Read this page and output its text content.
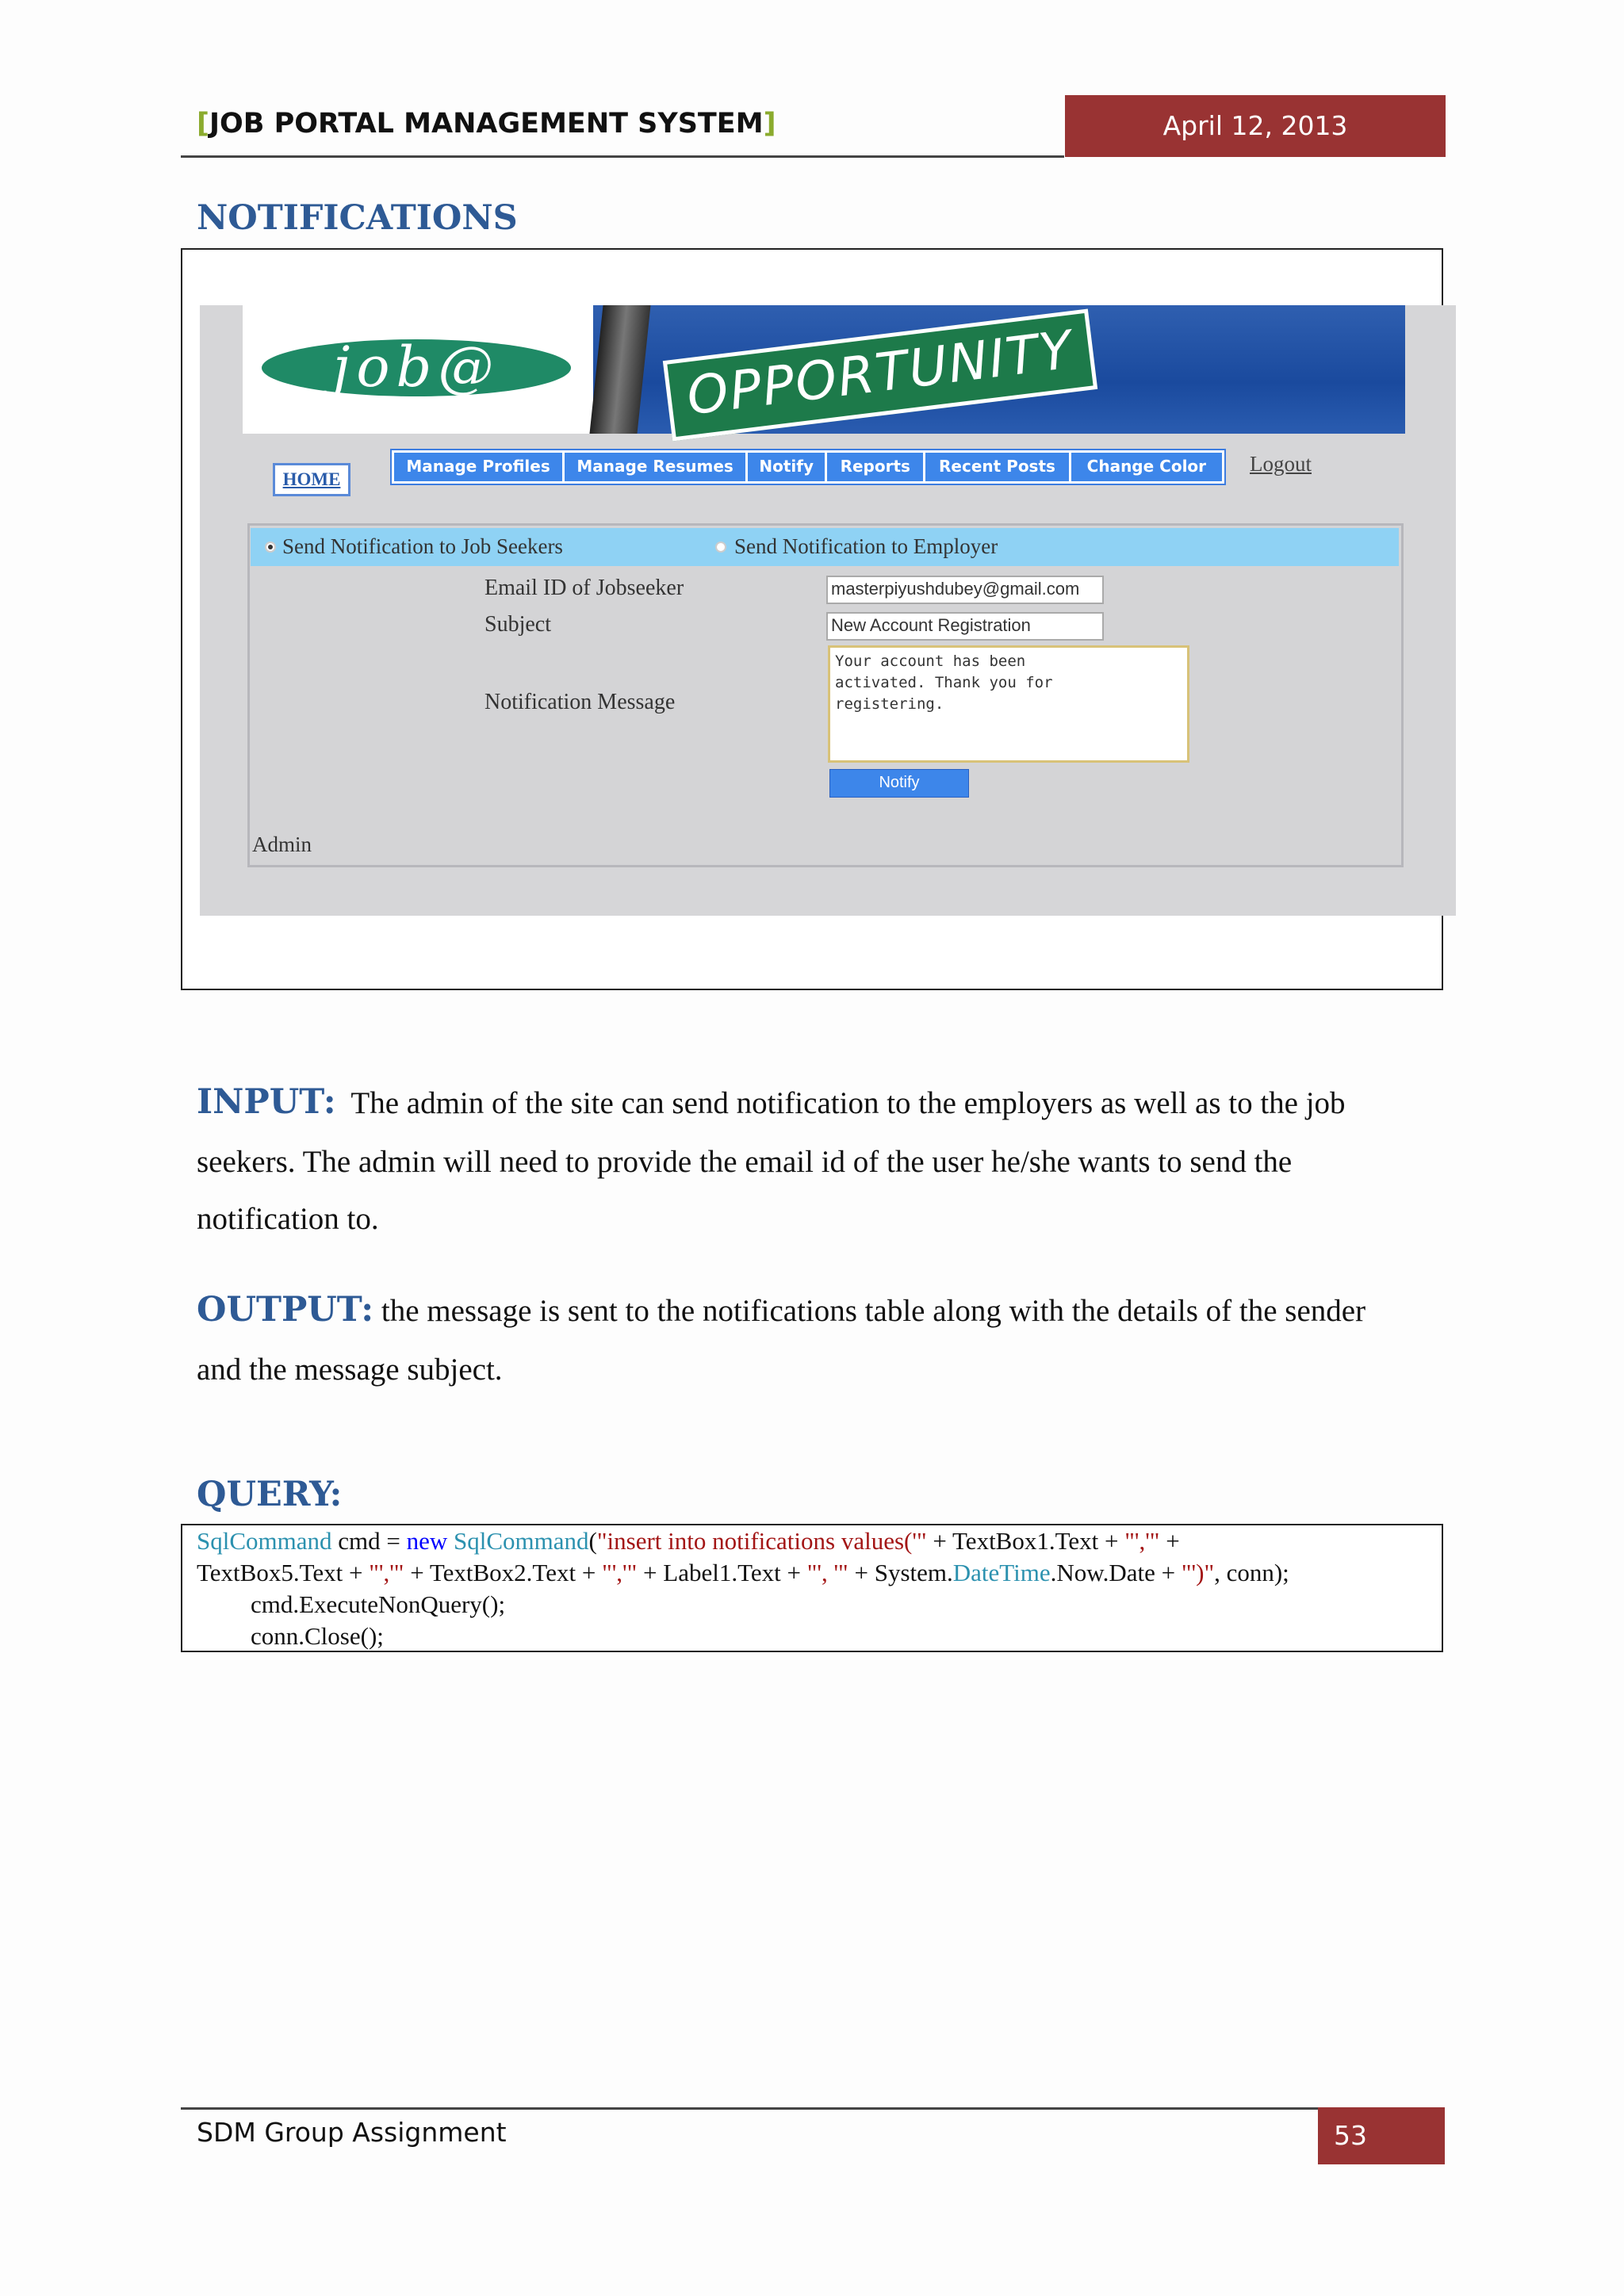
[JOB PORTAL MANAGEMENT SYSTEM]	April 12, 2013
NOTIFICATIONS
job@	OPPORTUNITY
HOME
Manage Profiles	Manage Resumes	Notify	Reports	Recent Posts	Change Color	Logout
Send Notification to Job Seekers	Send Notification to Employer
Email ID of Jobseeker	masterpiyushdubey@gmail.com
Subject	New Account Registration
Notification Message
Your account has been
activated. Thank you for
registering.
Notify
Admin
INPUT: The admin of the site can send notification to the employers as well as to the job
seekers. The admin will need to provide the email id of the user he/she wants to send the
notification to.
OUTPUT: the message is sent to the notifications table along with the details of the sender
and the message subject.
QUERY:
SqlCommand cmd = new SqlCommand("insert into notifications values('" + TextBox1.Text + "','" +
TextBox5.Text + "','" + TextBox2.Text + "','" + Label1.Text + "', '" + System.DateTime.Now.Date + "')", conn);
cmd.ExecuteNonQuery();
conn.Close();
SDM Group Assignment	53
